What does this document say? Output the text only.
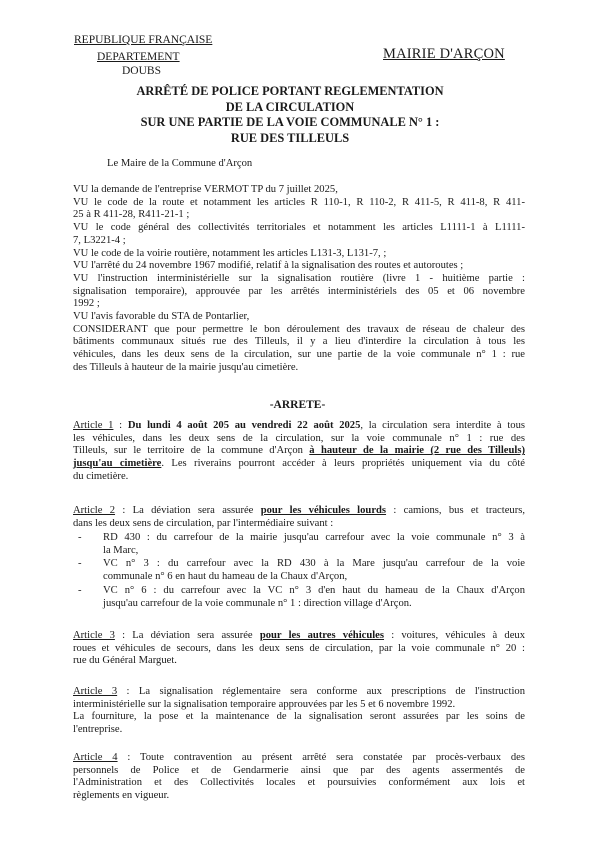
REPUBLIQUE FRANÇAISE
DEPARTEMENT
DOUBS
MAIRIE D'ARÇON
ARRÊTÉ DE POLICE PORTANT REGLEMENTATION
DE LA CIRCULATION
SUR UNE PARTIE DE LA VOIE COMMUNALE N° 1 :
RUE DES TILLEULS
Le Maire de la Commune d'Arçon
VU la demande de l'entreprise VERMOT TP du 7 juillet 2025,
VU le code de la route et notamment les articles R 110-1, R 110-2, R 411-5, R 411-8, R 411-
25 à R 411-28, R411-21-1 ;
VU le code général des collectivités territoriales et notamment les articles L1111-1 à L1111-
7, L3221-4 ;
VU le code de la voirie routière, notamment les articles L131-3, L131-7, ;
VU l'arrêté du 24 novembre 1967 modifié, relatif à la signalisation des routes et autoroutes ;
VU l'instruction interministérielle sur la signalisation routière (livre 1 - huitième partie :
signalisation temporaire), approuvée par les arrêtés interministériels des 05 et 06 novembre
1992 ;
VU l'avis favorable du STA de Pontarlier,
CONSIDERANT que pour permettre le bon déroulement des travaux de réseau de chaleur des
bâtiments communaux situés rue des Tilleuls, il y a lieu d'interdire la circulation à tous les
véhicules, dans les deux sens de la circulation, sur une partie de la voie communale n° 1 : rue
des Tilleuls à hauteur de la mairie jusqu'au cimetière.
-ARRETE-
Article 1 : Du lundi 4 août 205 au vendredi 22 août 2025, la circulation sera interdite à tous
les véhicules, dans les deux sens de la circulation, sur la voie communale n° 1 : rue des
Tilleuls, sur le territoire de la commune d'Arçon à hauteur de la mairie (2 rue des Tilleuls)
jusqu'au cimetière. Les riverains pourront accéder à leurs propriétés uniquement via du côté
du cimetière.
Article 2 : La déviation sera assurée pour les véhicules lourds : camions, bus et tracteurs,
dans les deux sens de circulation, par l'intermédiaire suivant :
- RD 430 : du carrefour de la mairie jusqu'au carrefour avec la voie communale n° 3 à
la Marc,
- VC n° 3 : du carrefour avec la RD 430 à la Mare jusqu'au carrefour de la voie
communale n° 6 en haut du hameau de la Chaux d'Arçon,
- VC n° 6 : du carrefour avec la VC n° 3 d'en haut du hameau de la Chaux d'Arçon
jusqu'au carrefour de la voie communale n° 1 : direction village d'Arçon.
Article 3 : La déviation sera assurée pour les autres véhicules : voitures, véhicules à deux
roues et véhicules de secours, dans les deux sens de circulation, par la voie communale n° 20 :
rue du Général Marguet.
Article 3 : La signalisation réglementaire sera conforme aux prescriptions de l'instruction
interministérielle sur la signalisation temporaire approuvées par les 5 et 6 novembre 1992.
La fourniture, la pose et la maintenance de la signalisation seront assurées par les soins de
l'entreprise.
Article 4 : Toute contravention au présent arrêté sera constatée par procès-verbaux des
personnels de Police et de Gendarmerie ainsi que par des agents assermentés de
l'Administration et des Collectivités locales et poursuivies conformément aux lois et
règlements en vigueur.
